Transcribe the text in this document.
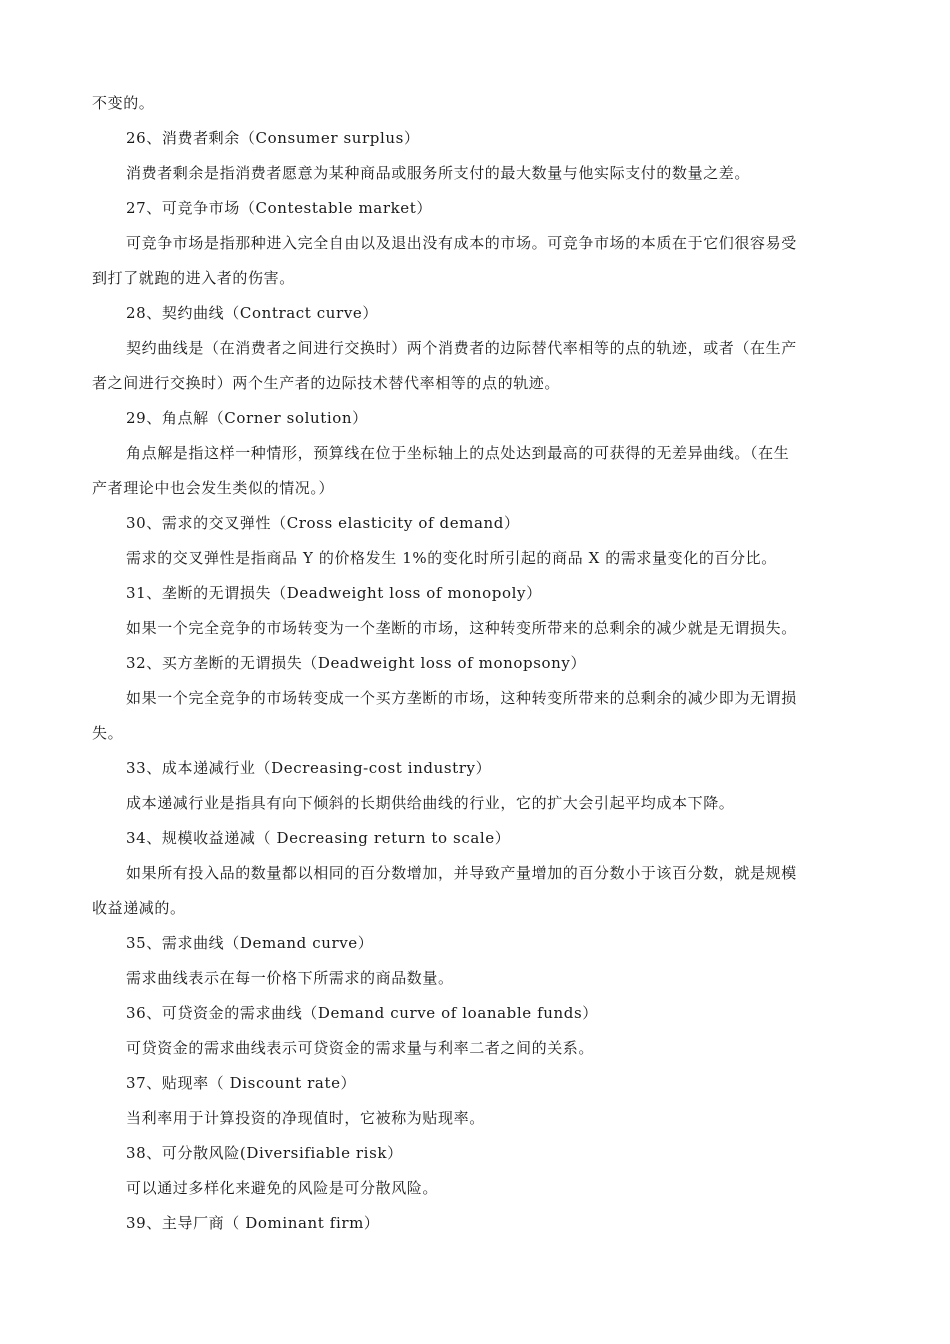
不变的。

26、消费者剩余（Consumer surplus）

消费者剩余是指消费者愿意为某种商品或服务所支付的最大数量与他实际支付的数量之差。

27、可竞争市场（Contestable market）

可竞争市场是指那种进入完全自由以及退出没有成本的市场。可竞争市场的本质在于它们很容易受

到打了就跑的进入者的伤害。

28、契约曲线（Contract curve）

契约曲线是（在消费者之间进行交换时）两个消费者的边际替代率相等的点的轨迹，或者（在生产

者之间进行交换时）两个生产者的边际技术替代率相等的点的轨迹。

29、角点解（Corner solution）

角点解是指这样一种情形，预算线在位于坐标轴上的点处达到最高的可获得的无差异曲线。（在生

产者理论中也会发生类似的情况。）

30、需求的交叉弹性（Cross elasticity of demand）

需求的交叉弹性是指商品 Y 的价格发生 1%的变化时所引起的商品 X 的需求量变化的百分比。

31、垄断的无谓损失（Deadweight loss of monopoly）

如果一个完全竞争的市场转变为一个垄断的市场，这种转变所带来的总剩余的减少就是无谓损失。

32、买方垄断的无谓损失（Deadweight loss of monopsony）

如果一个完全竞争的市场转变成一个买方垄断的市场，这种转变所带来的总剩余的减少即为无谓损

失。

33、成本递减行业（Decreasing-cost industry）

成本递减行业是指具有向下倾斜的长期供给曲线的行业，它的扩大会引起平均成本下降。

34、规模收益递减（ Decreasing return to scale）

如果所有投入品的数量都以相同的百分数增加，并导致产量增加的百分数小于该百分数，就是规模

收益递减的。

35、需求曲线（Demand curve）

需求曲线表示在每一价格下所需求的商品数量。

36、可贷资金的需求曲线（Demand curve of loanable funds）

可贷资金的需求曲线表示可贷资金的需求量与利率二者之间的关系。

37、贴现率（ Discount rate）

当利率用于计算投资的净现值时，它被称为贴现率。

38、可分散风险(Diversifiable risk）

可以通过多样化来避免的风险是可分散风险。

39、主导厂商（ Dominant firm）
